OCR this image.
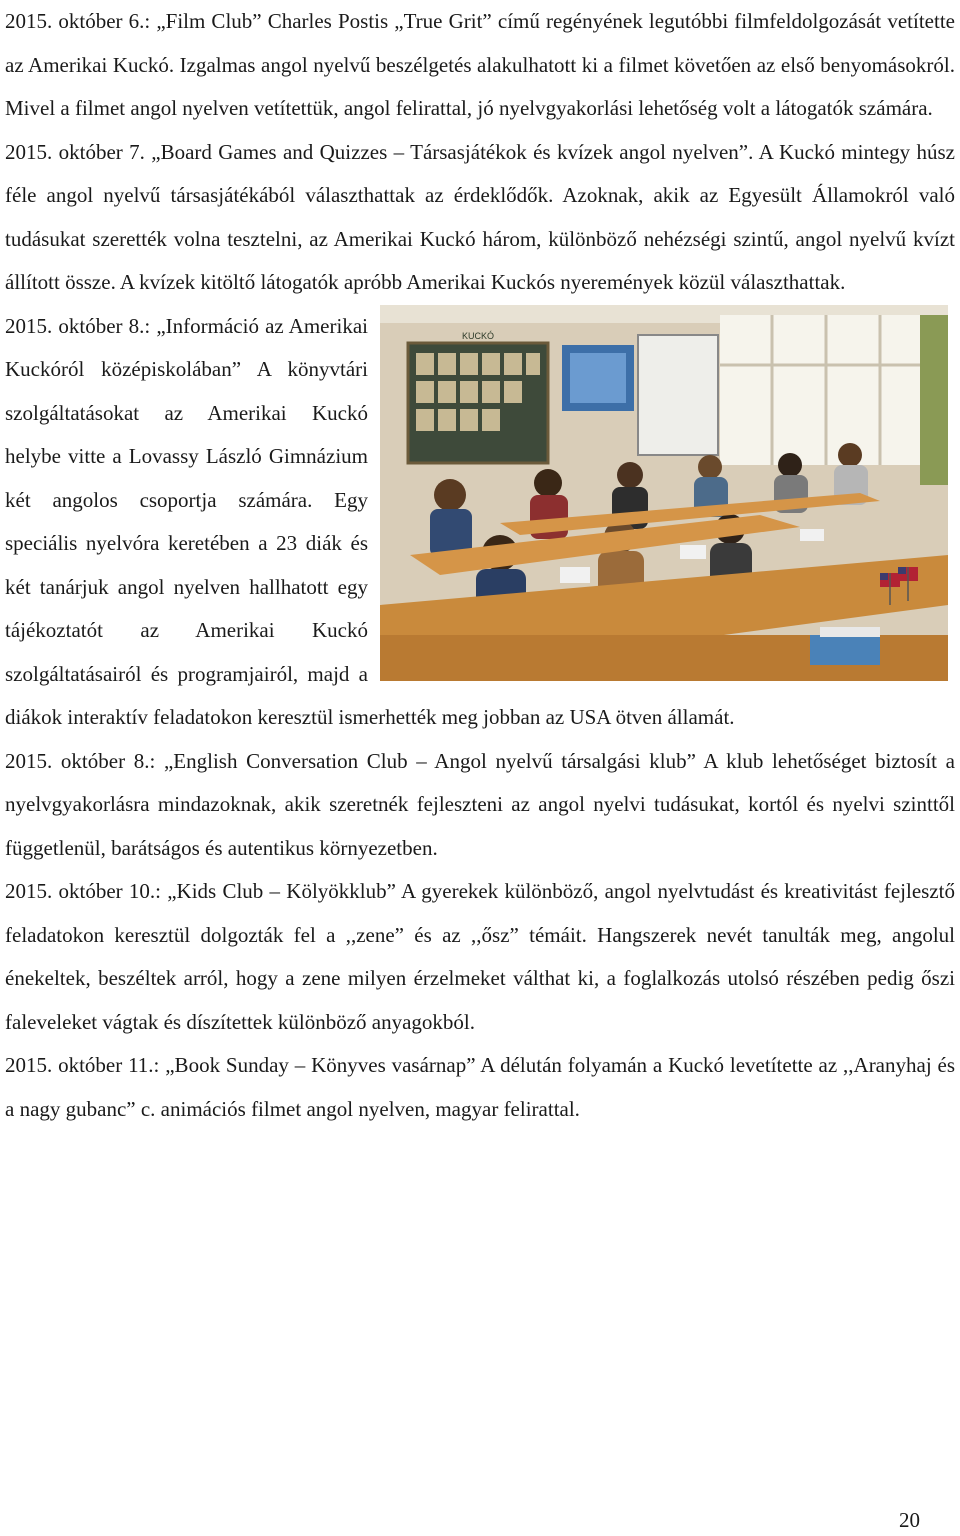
2015. október 6.: „Film Club” Charles Postis „True Grit” című regényének legutóbbi filmfeldolgozását vetítette az Amerikai Kuckó. Izgalmas angol nyelvű beszélgetés alakulhatott ki a filmet követően az első benyomásokról. Mivel a filmet angol nyelven vetítettük, angol felirattal, jó nyelvgyakorlási lehetőség volt a látogatók számára.

2015. október 7. „Board Games and Quizzes – Társasjátékok és kvízek angol nyelven”. A Kuckó mintegy húsz féle angol nyelvű társasjátékából választhattak az érdeklődők. Azoknak, akik az Egyesült Államokról való tudásukat szerették volna tesztelni, az Amerikai Kuckó három, különböző nehézségi szintű, angol nyelvű kvízt állított össze. A kvízek kitöltő látogatók apróbb Amerikai Kuckós nyeremények közül választhattak.

KUCKÓ

2015. október 8.: „Információ az Amerikai Kuckóról középiskolában” A könyvtári szolgáltatásokat az Amerikai Kuckó helybe vitte a Lovassy László Gimnázium két angolos csoportja számára. Egy speciális nyelvóra keretében a 23 diák és két tanárjuk angol nyelven hallhatott egy tájékoztatót az Amerikai Kuckó szolgáltatásairól és programjairól, majd a diákok interaktív feladatokon keresztül ismerhették meg jobban az USA ötven államát.

2015. október 8.: „English Conversation Club – Angol nyelvű társalgási klub” A klub lehetőséget biztosít a nyelvgyakorlásra mindazoknak, akik szeretnék fejleszteni az angol nyelvi tudásukat, kortól és nyelvi szinttől függetlenül, barátságos és autentikus környezetben.

2015. október 10.: „Kids Club – Kölyökklub” A gyerekek különböző, angol nyelvtudást és kreativitást fejlesztő feladatokon keresztül dolgozták fel a ,,zene” és az ,,ősz” témáit. Hangszerek nevét tanulták meg, angolul énekeltek, beszéltek arról, hogy a zene milyen érzelmeket válthat ki, a foglalkozás utolsó részében pedig őszi faleveleket vágtak és díszítettek különböző anyagokból.

2015. október 11.: „Book Sunday – Könyves vasárnap” A délután folyamán a Kuckó levetítette az ,,Aranyhaj és a nagy gubanc” c. animációs filmet angol nyelven, magyar felirattal.

20
